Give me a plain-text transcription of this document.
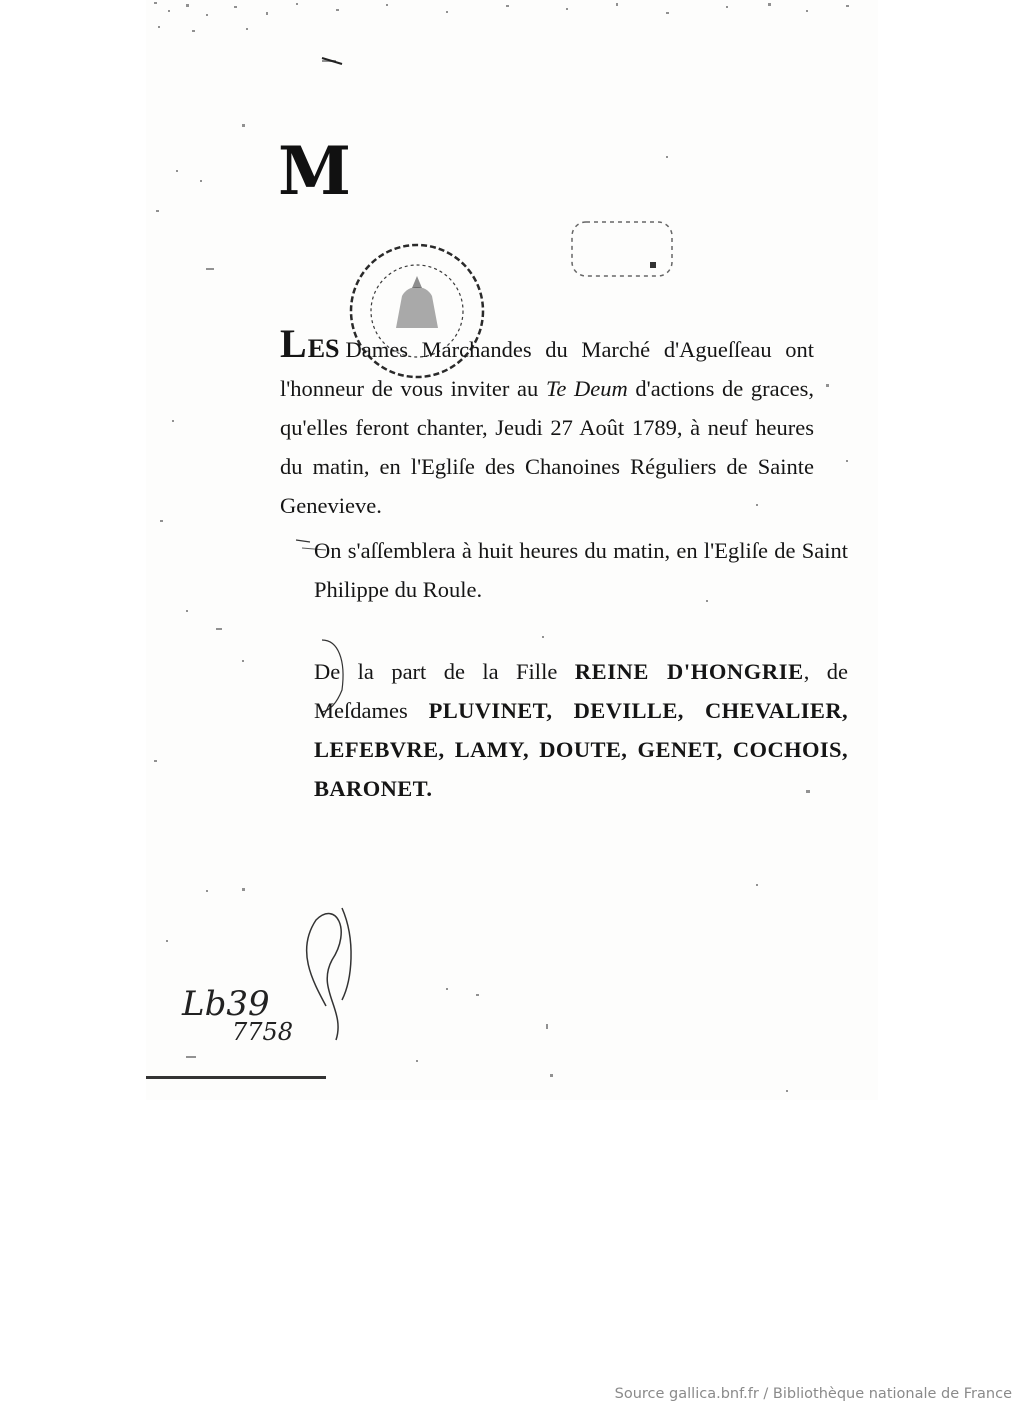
M
LES Dames Marchandes du Marché d'Agueſſeau ont l'honneur de vous inviter au Te Deum d'actions de graces, qu'elles feront chanter, Jeudi 27 Août 1789, à neuf heures du matin, en l'Egliſe des Chanoines Réguliers de Sainte Genevieve.
On s'aſſemblera à huit heures du matin, en l'Egliſe de Saint Philippe du Roule.
De la part de la Fille REINE D'HONGRIE, de Meſdames PLUVINET, DEVILLE, CHEVALIER, LEFEBVRE, LAMY, DOUTE, GENET, COCHOIS, BARONET.
Lb39
7758
Source gallica.bnf.fr / Bibliothèque nationale de France
